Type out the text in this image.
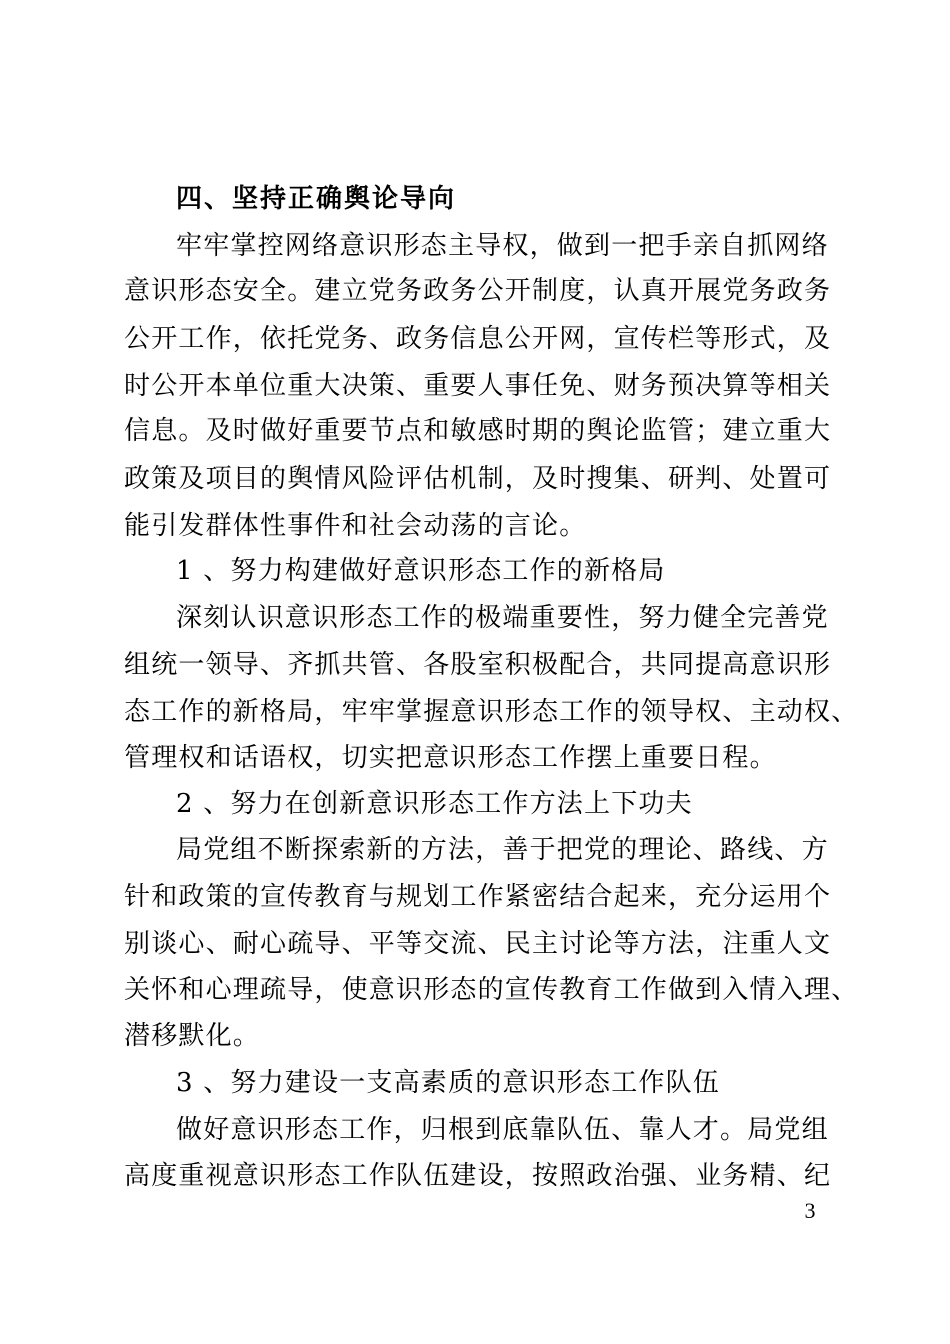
四、坚持正确舆论导向
牢牢掌控网络意识形态主导权，做到一把手亲自抓网络
意识形态安全。建立党务政务公开制度，认真开展党务政务
公开工作，依托党务、政务信息公开网，宣传栏等形式，及
时公开本单位重大决策、重要人事任免、财务预决算等相关
信息。及时做好重要节点和敏感时期的舆论监管；建立重大
政策及项目的舆情风险评估机制，及时搜集、研判、处置可
能引发群体性事件和社会动荡的言论。
1 、努力构建做好意识形态工作的新格局
深刻认识意识形态工作的极端重要性，努力健全完善党
组统一领导、齐抓共管、各股室积极配合，共同提高意识形
态工作的新格局，牢牢掌握意识形态工作的领导权、主动权、
管理权和话语权，切实把意识形态工作摆上重要日程。
2 、努力在创新意识形态工作方法上下功夫
局党组不断探索新的方法，善于把党的理论、路线、方
针和政策的宣传教育与规划工作紧密结合起来，充分运用个
别谈心、耐心疏导、平等交流、民主讨论等方法，注重人文
关怀和心理疏导，使意识形态的宣传教育工作做到入情入理、
潜移默化。
3 、努力建设一支高素质的意识形态工作队伍
做好意识形态工作，归根到底靠队伍、靠人才。局党组
高度重视意识形态工作队伍建设，按照政治强、业务精、纪
3
